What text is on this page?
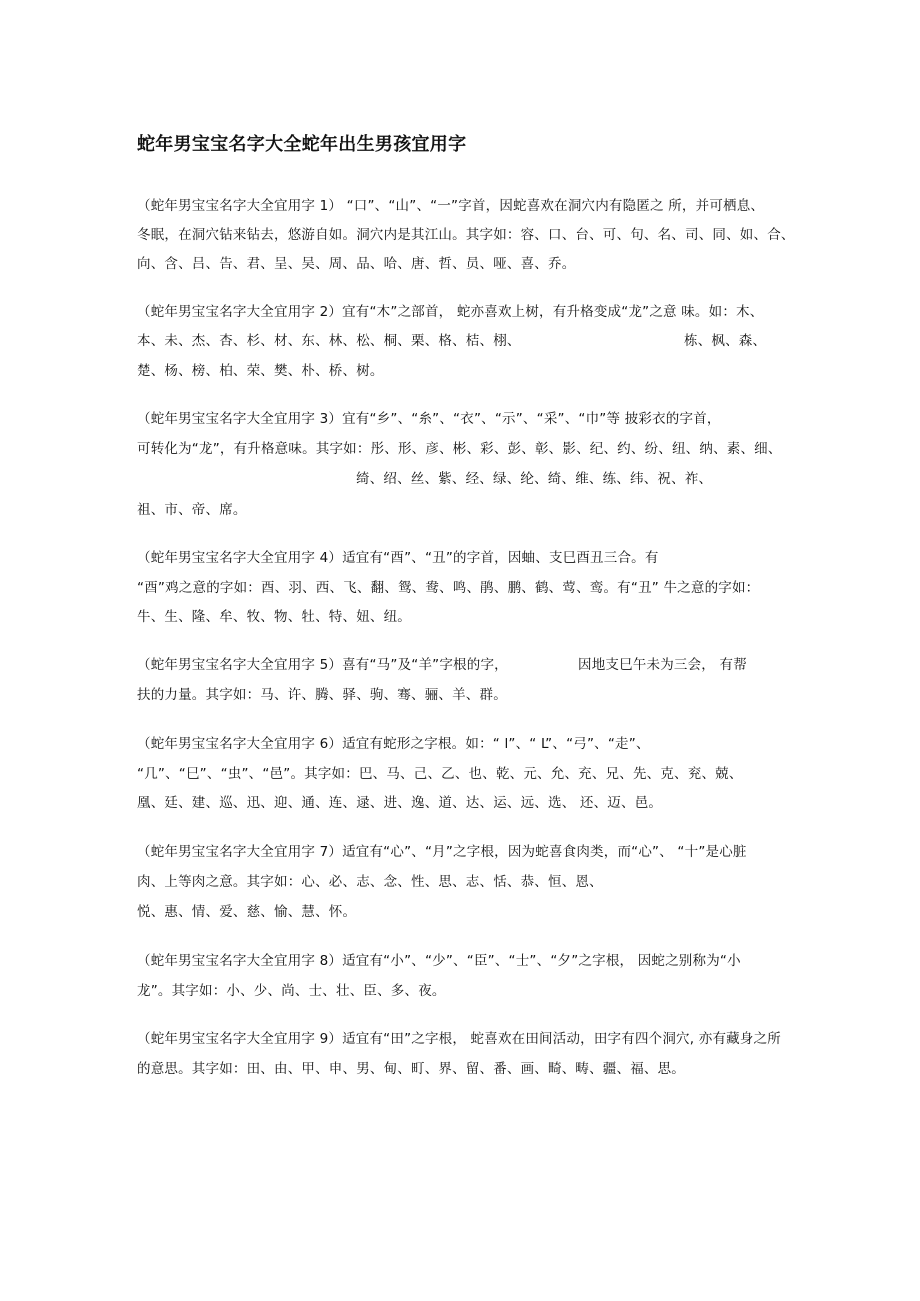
蛇年男宝宝名字大全蛇年出生男孩宜用字
（蛇年男宝宝名字大全宜用字 1） “口”、“山”、“一”字首，因蛇喜欢在洞穴内有隐匿之 所，并可栖息、
冬眠，在洞穴钻来钻去，悠游自如。洞穴内是其江山。其字如：容、口、台、可、句、名、司、同、如、合、
向、含、吕、告、君、呈、吴、周、品、哈、唐、哲、员、哑、喜、乔。
（蛇年男宝宝名字大全宜用字 2）宜有“木”之部首， 蛇亦喜欢上树，有升格变成“龙”之意 味。如：木、
本、未、杰、杏、杉、材、东、林、松、桐、栗、格、桔、栩、	栋、枫、森、
楚、杨、榜、柏、荣、樊、朴、桥、树。
（蛇年男宝宝名字大全宜用字 3）宜有“乡”、“糸”、“衣”、“示”、“采”、“巾”等 披彩衣的字首，
可转化为“龙”，有升格意味。其字如：彤、形、彦、彬、彩、彭、彰、影、纪、约、纷、纽、纳、素、细、
绮、绍、丝、紫、经、绿、纶、绮、维、练、纬、祝、祚、
祖、市、帝、席。
（蛇年男宝宝名字大全宜用字 4）适宜有“酉”、“丑”的字首，因蚰、支巳酉丑三合。有
“酉”鸡之意的字如：酉、羽、西、飞、翻、鸳、鸯、鸣、鹃、鹏、鹤、莺、鸾。有“丑” 牛之意的字如：
牛、生、隆、牟、牧、物、牡、特、妞、纽。
（蛇年男宝宝名字大全宜用字 5）喜有“马”及“羊”字根的字，	因地支巳午未为三会， 有帮
扶的力量。其字如：马、许、腾、驿、驹、骞、骊、羊、群。
（蛇年男宝宝名字大全宜用字 6）适宜有蛇形之字根。如：“ l”、“ L”、“弓”、“走”、
“几”、“巳”、“虫”、“邑”。其字如：巴、马、己、乙、也、乾、元、允、充、兄、先、克、兖、兢、
凰、廷、建、巡、迅、迎、通、连、逯、进、逸、道、达、运、远、选、 还、迈、邑。
（蛇年男宝宝名字大全宜用字 7）适宜有“心”、“月”之字根，因为蛇喜食肉类，而“心”、 “十”是心脏
肉、上等肉之意。其字如：心、必、志、念、性、思、志、恬、恭、恒、恩、
悦、惠、情、爱、慈、愉、慧、怀。
（蛇年男宝宝名字大全宜用字 8）适宜有“小”、“少”、“臣”、“士”、“夕”之字根， 因蛇之别称为“小
龙”。其字如：小、少、尚、士、壮、臣、多、夜。
（蛇年男宝宝名字大全宜用字 9）适宜有“田”之字根， 蛇喜欢在田间活动，田字有四个洞穴, 亦有藏身之所
的意思。其字如：田、由、甲、申、男、甸、町、界、留、番、画、畸、畴、疆、福、思。
